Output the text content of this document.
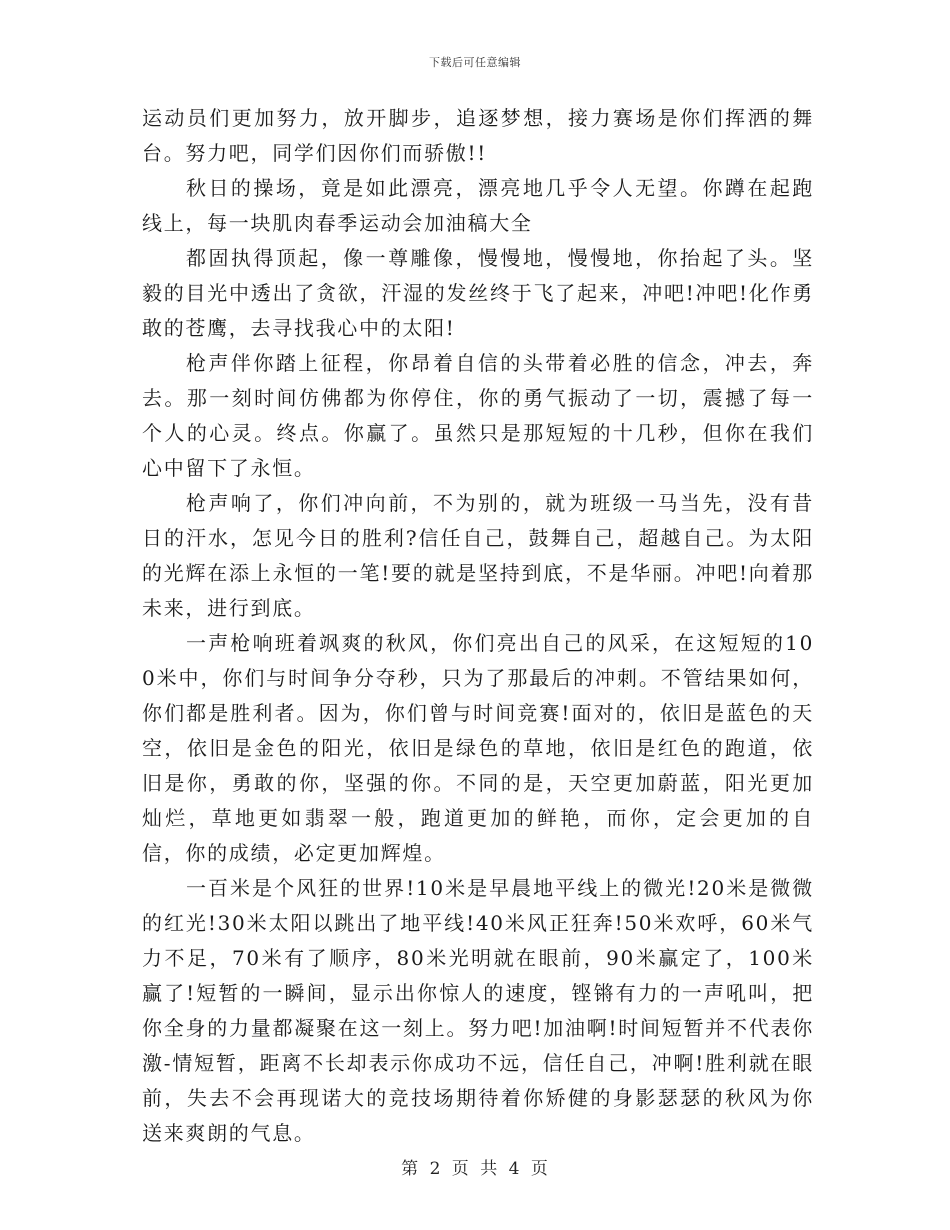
下载后可任意编辑

运动员们更加努力，放开脚步，追逐梦想，接力赛场是你们挥洒的舞台。努力吧，同学们因你们而骄傲!!

秋日的操场，竟是如此漂亮，漂亮地几乎令人无望。你蹲在起跑线上，每一块肌肉春季运动会加油稿大全

都固执得顶起，像一尊雕像，慢慢地，慢慢地，你抬起了头。坚毅的目光中透出了贪欲，汗湿的发丝终于飞了起来，冲吧!冲吧!化作勇敢的苍鹰，去寻找我心中的太阳!

枪声伴你踏上征程，你昂着自信的头带着必胜的信念，冲去，奔去。那一刻时间仿佛都为你停住，你的勇气振动了一切，震撼了每一个人的心灵。终点。你赢了。虽然只是那短短的十几秒，但你在我们心中留下了永恒。

枪声响了，你们冲向前，不为别的，就为班级一马当先，没有昔日的汗水，怎见今日的胜利?信任自己，鼓舞自己，超越自己。为太阳的光辉在添上永恒的一笔!要的就是坚持到底，不是华丽。冲吧!向着那未来，进行到底。

一声枪响班着飒爽的秋风，你们亮出自己的风采，在这短短的100米中，你们与时间争分夺秒，只为了那最后的冲刺。不管结果如何，你们都是胜利者。因为，你们曾与时间竞赛!面对的，依旧是蓝色的天空，依旧是金色的阳光，依旧是绿色的草地，依旧是红色的跑道，依旧是你，勇敢的你，坚强的你。不同的是，天空更加蔚蓝，阳光更加灿烂，草地更如翡翠一般，跑道更加的鲜艳，而你，定会更加的自信，你的成绩，必定更加辉煌。

一百米是个风狂的世界!10米是早晨地平线上的微光!20米是微微的红光!30米太阳以跳出了地平线!40米风正狂奔!50米欢呼，60米气力不足，70米有了顺序，80米光明就在眼前，90米赢定了，100米赢了!短暂的一瞬间，显示出你惊人的速度，铿锵有力的一声吼叫，把你全身的力量都凝聚在这一刻上。努力吧!加油啊!时间短暂并不代表你激-情短暂，距离不长却表示你成功不远，信任自己，冲啊!胜利就在眼前，失去不会再现诺大的竞技场期待着你矫健的身影瑟瑟的秋风为你送来爽朗的气息。

第 2 页 共 4 页
